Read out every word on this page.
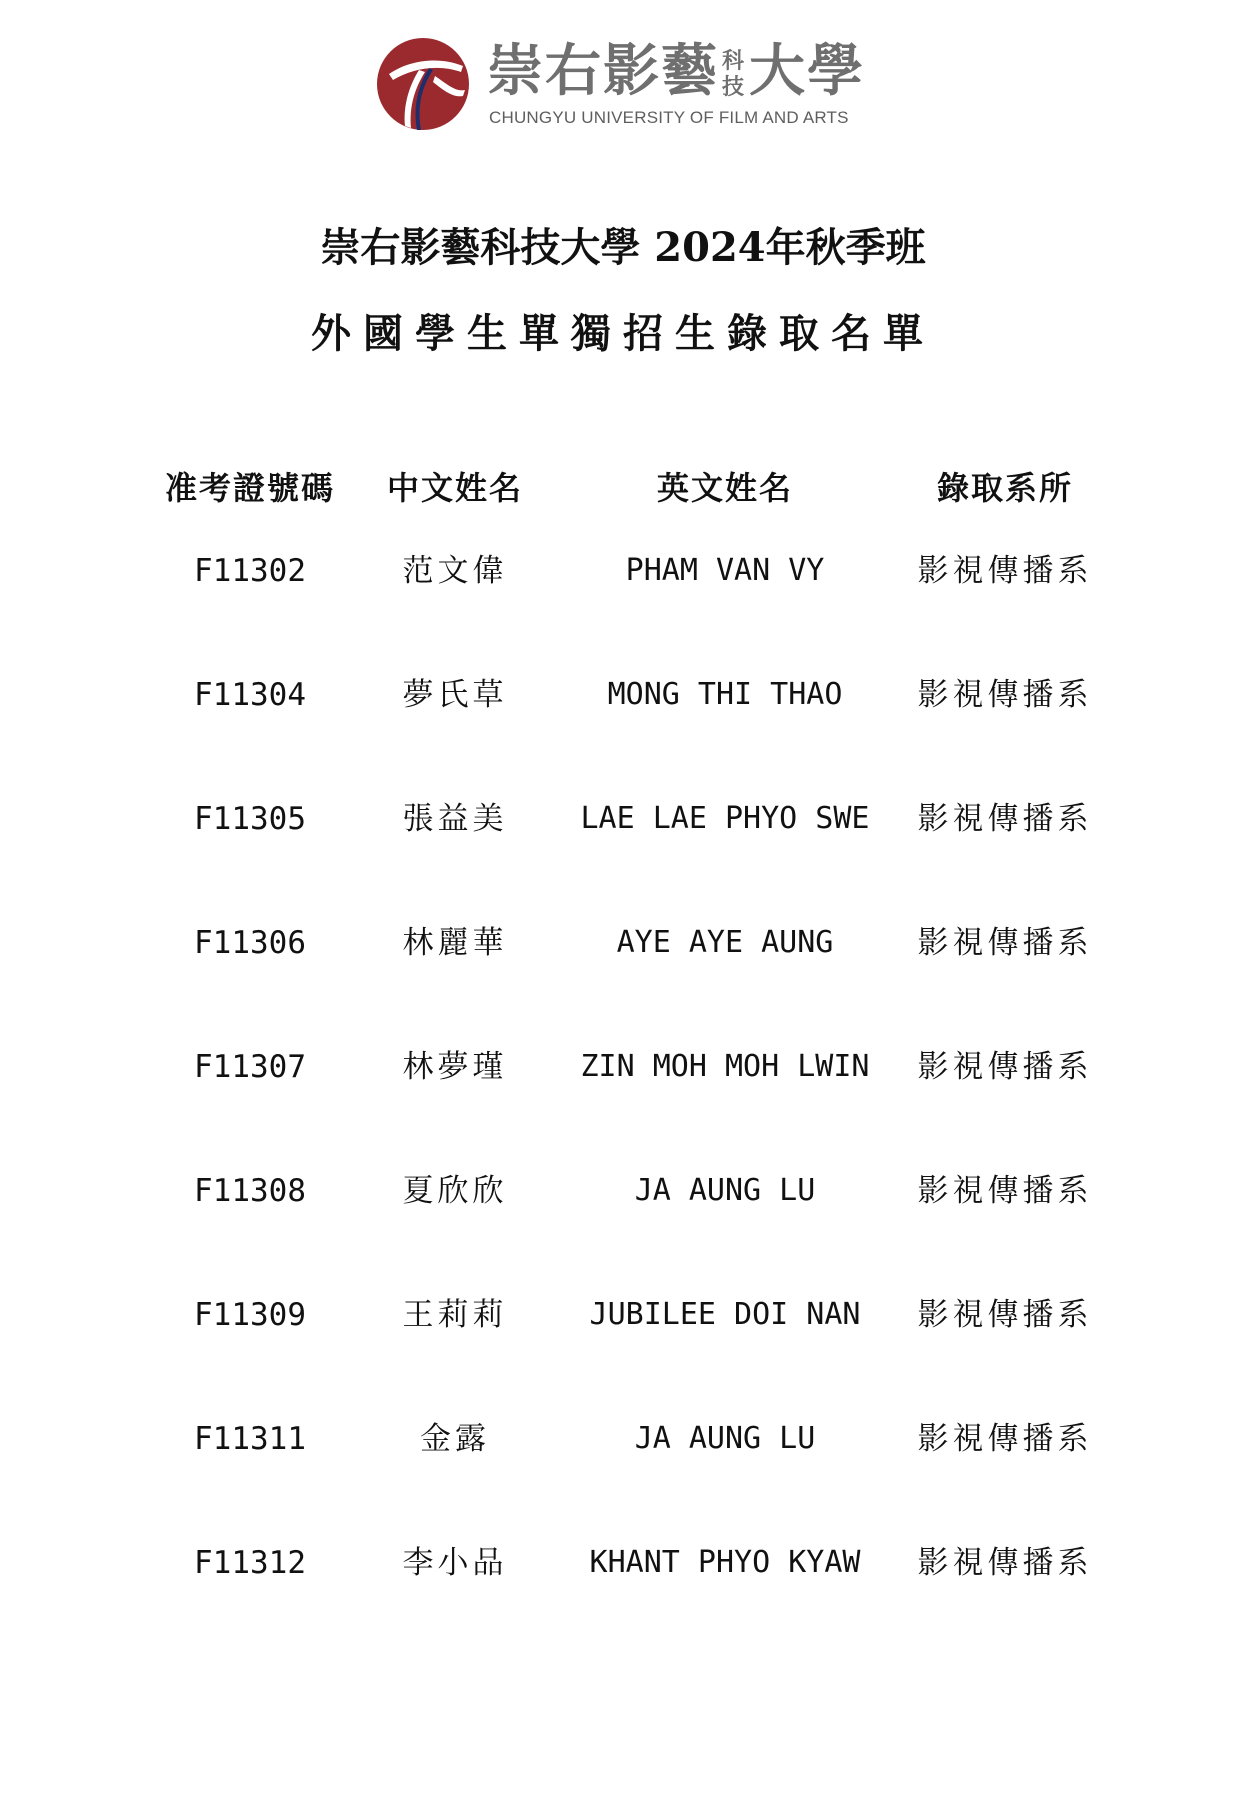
崇右影藝 科
技 大學
CHUNGYU UNIVERSITY OF FILM AND ARTS
崇右影藝科技大學 2024年秋季班
外國學生單獨招生錄取名單
准考證號碼	中文姓名	英文姓名	錄取系所
F11302	范文偉	PHAM VAN VY	影視傳播系
F11304	夢氏草	MONG THI THAO	影視傳播系
F11305	張益美	LAE LAE PHYO SWE	影視傳播系
F11306	林麗華	AYE AYE AUNG	影視傳播系
F11307	林夢瑾	ZIN MOH MOH LWIN	影視傳播系
F11308	夏欣欣	JA AUNG LU	影視傳播系
F11309	王莉莉	JUBILEE DOI NAN	影視傳播系
F11311	金露	JA AUNG LU	影視傳播系
F11312	李小品	KHANT PHYO KYAW	影視傳播系
